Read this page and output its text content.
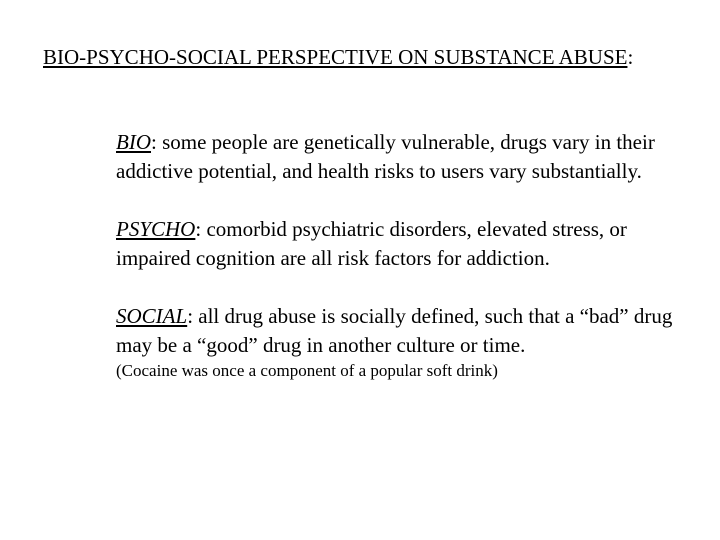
BIO-PSYCHO-SOCIAL PERSPECTIVE ON SUBSTANCE ABUSE:

BIO: some people are genetically vulnerable, drugs vary in their addictive potential, and health risks to users vary substantially.

PSYCHO: comorbid psychiatric disorders, elevated stress, or impaired cognition are all risk factors for addiction.

SOCIAL: all drug abuse is socially defined, such that a “bad” drug may be a “good” drug in another culture or time.

(Cocaine was once a component of a popular soft drink)
